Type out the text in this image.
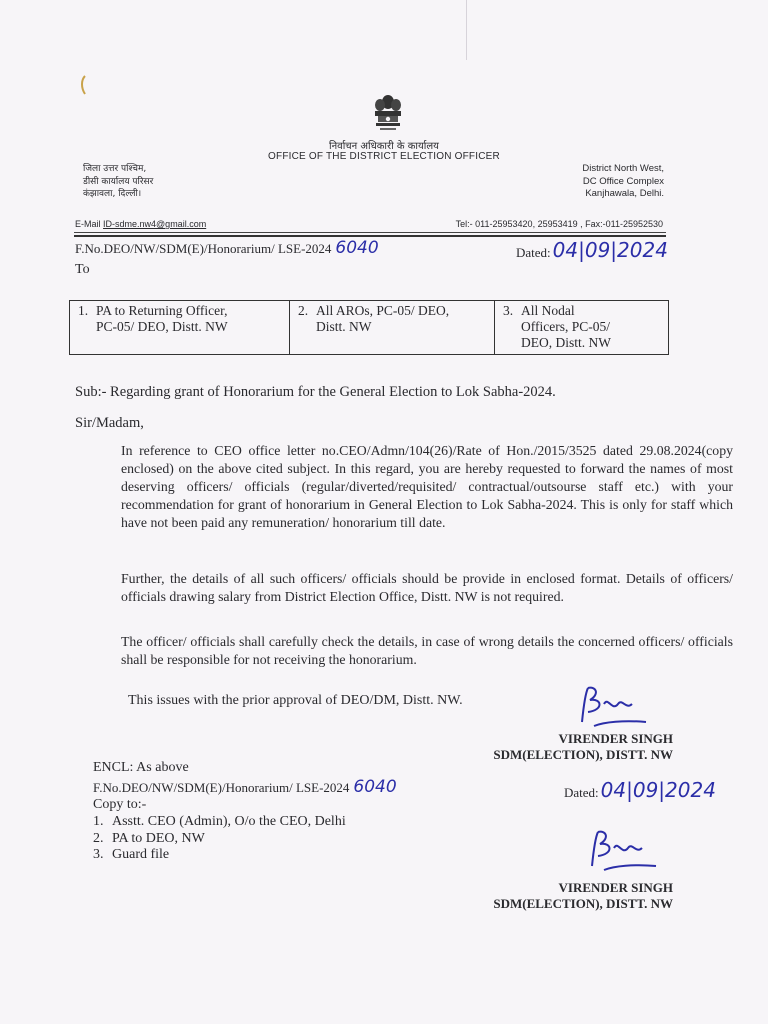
निर्वाचन अधिकारी के कार्यालय
OFFICE OF THE DISTRICT ELECTION OFFICER
जिला उत्तर पश्चिम,
डीसी कार्यालय परिसर
कंझावला, दिल्ली।
District North West,
DC Office Complex
Kanjhawala, Delhi.
E-Mail ID-sdme.nw4@gmail.com	Tel:- 011-25953420, 25953419 , Fax:-011-25952530
F.No.DEO/NW/SDM(E)/Honorarium/ LSE-2024 6040	Dated: 04|09|2024
To
1. PA to Returning Officer,
PC-05/ DEO, Distt. NW

2. All AROs, PC-05/ DEO,
Distt. NW

3. All Nodal
Officers, PC-05/
DEO, Distt. NW
Sub:- Regarding grant of Honorarium for the General Election to Lok Sabha-2024.
Sir/Madam,
In reference to CEO office letter no.CEO/Admn/104(26)/Rate of Hon./2015/3525 dated 29.08.2024(copy enclosed) on the above cited subject. In this regard, you are hereby requested to forward the names of most deserving officers/ officials (regular/diverted/requisited/ contractual/outsourse staff etc.) with your recommendation for grant of honorarium in General Election to Lok Sabha-2024. This is only for staff which have not been paid any remuneration/ honorarium till date.
Further, the details of all such officers/ officials should be provide in enclosed format. Details of officers/ officials drawing salary from District Election Office, Distt. NW is not required.
The officer/ officials shall carefully check the details, in case of wrong details the concerned officers/ officials shall be responsible for not receiving the honorarium.
This issues with the prior approval of DEO/DM, Distt. NW.
VIRENDER SINGH
SDM(ELECTION), DISTT. NW
ENCL: As above
F.No.DEO/NW/SDM(E)/Honorarium/ LSE-2024 6040	Dated: 04|09|2024
Copy to:-
1. Asstt. CEO (Admin), O/o the CEO, Delhi
2. PA to DEO, NW
3. Guard file
VIRENDER SINGH
SDM(ELECTION), DISTT. NW
